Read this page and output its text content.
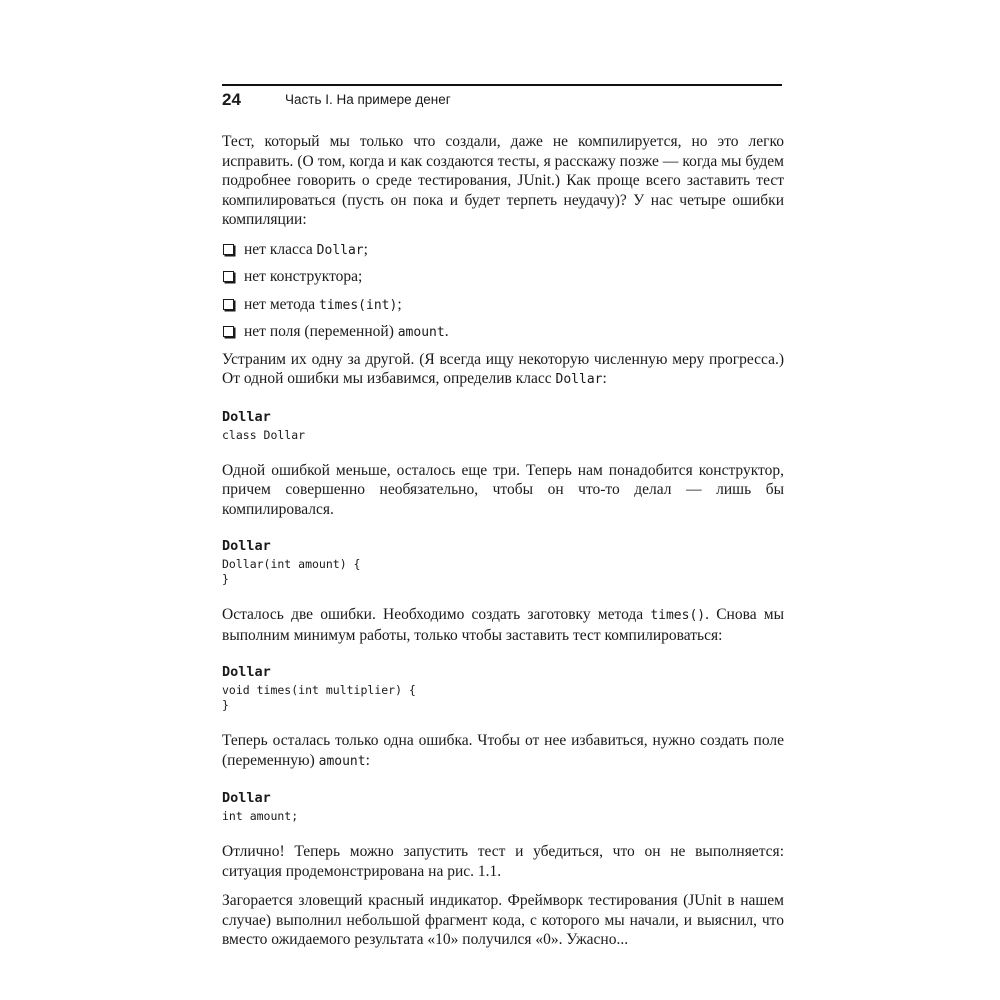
24	Часть I. На примере денег

Тест, который мы только что создали, даже не компилируется, но это легко исправить. (О том, когда и как создаются тесты, я расскажу позже — когда мы будем подробнее говорить о среде тестирования, JUnit.) Как проще всего заставить тест компилироваться (пусть он пока и будет терпеть неудачу)? У нас четыре ошибки компиляции:

нет класса Dollar;
нет конструктора;
нет метода times(int);
нет поля (переменной) amount.

Устраним их одну за другой. (Я всегда ищу некоторую численную меру прогресса.) От одной ошибки мы избавимся, определив класс Dollar:

Dollar
class Dollar

Одной ошибкой меньше, осталось еще три. Теперь нам понадобится конструктор, причем совершенно необязательно, чтобы он что-то делал — лишь бы компилировался.

Dollar
Dollar(int amount) {
}

Осталось две ошибки. Необходимо создать заготовку метода times(). Снова мы выполним минимум работы, только чтобы заставить тест компилироваться:

Dollar
void times(int multiplier) {
}

Теперь осталась только одна ошибка. Чтобы от нее избавиться, нужно создать поле (переменную) amount:

Dollar
int amount;

Отлично! Теперь можно запустить тест и убедиться, что он не выполняется: ситуация продемонстрирована на рис. 1.1.

Загорается зловещий красный индикатор. Фреймворк тестирования (JUnit в нашем случае) выполнил небольшой фрагмент кода, с которого мы начали, и выяснил, что вместо ожидаемого результата «10» получился «0». Ужасно...
